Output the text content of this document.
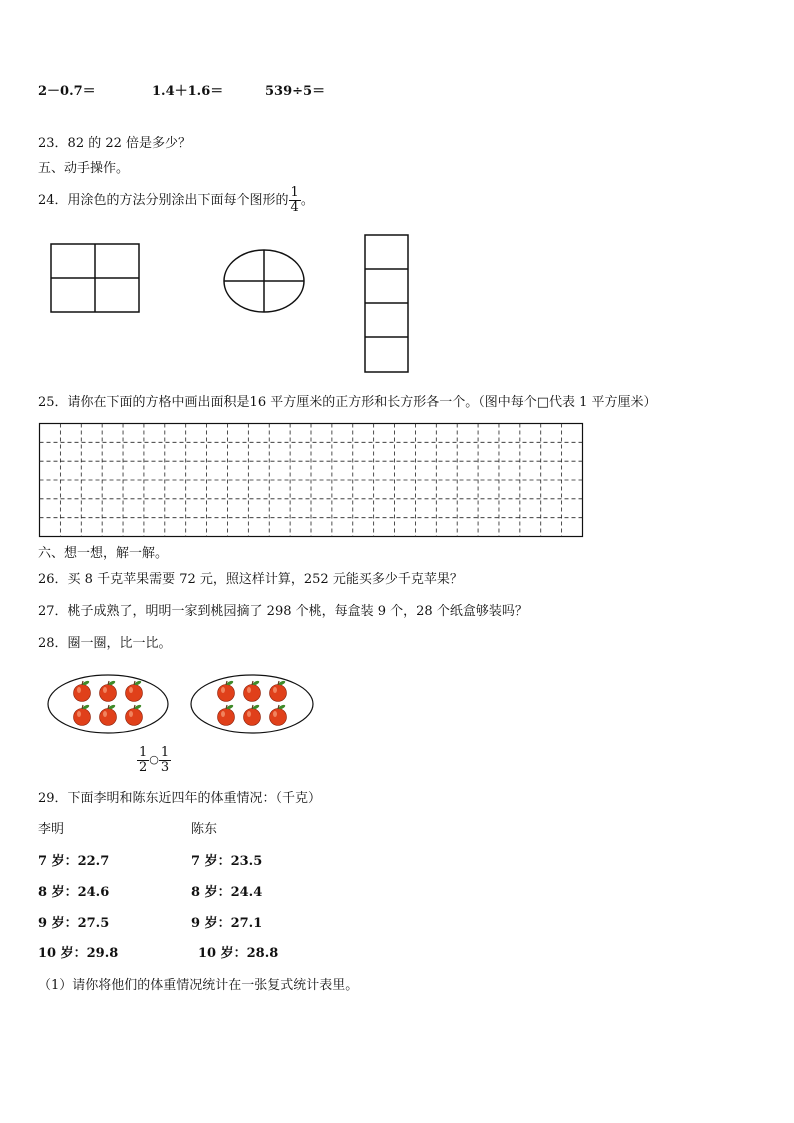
2－0.7＝	1.4＋1.6＝	539÷5＝
23．82 的 22 倍是多少？
五、动手操作。
24．用涂色的方法分别涂出下面每个图形的 $\frac{1}{4}$ 。
25．请你在下面的方格中画出面积是16 平方厘米的正方形和长方形各一个。（图中每个□代表 1 平方厘米）
六、想一想，解一解。
26．买 8 千克苹果需要 72 元，照这样计算，252 元能买多少千克苹果？
27．桃子成熟了，明明一家到桃园摘了 298 个桃，每盒装 9 个，28 个纸盒够装吗？
28．圈一圈，比一比。
$\frac{1}{2}$ ○ $\frac{1}{3}$
29．下面李明和陈东近四年的体重情况：（千克）
李明	陈东
7 岁：22.7	7 岁：23.5
8 岁：24.6	8 岁：24.4
9 岁：27.5	9 岁：27.1
10 岁：29.8	10 岁：28.8
（1）请你将他们的体重情况统计在一张复式统计表里。
